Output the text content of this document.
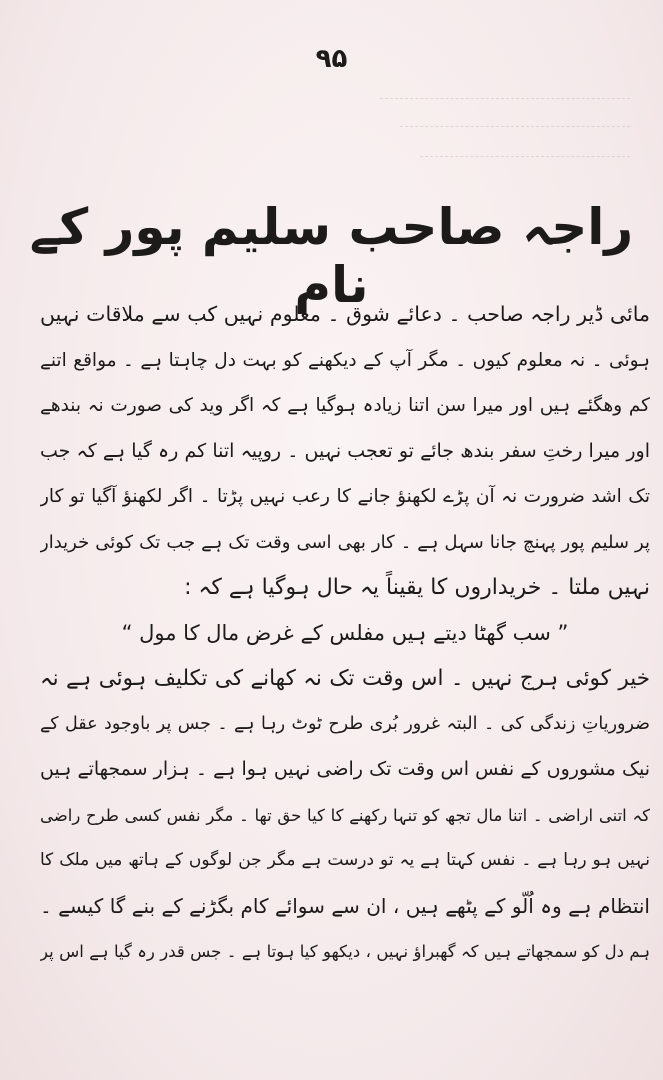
۹۵
راجہ صاحب سلیم پور کے نام
مائی ڈیر راجہ صاحب ۔ دعائے شوق ۔ معلوم نہیں کب سے ملاقات نہیں
ہوئی ۔ نہ معلوم کیوں ۔ مگر آپ کے دیکھنے کو بہت دل چاہتا ہے ۔ مواقع اتنے
کم وھگئے ہیں اور میرا سن اتنا زیادہ ہوگیا ہے کہ اگر وید کی صورت نہ بندھے
اور میرا رختِ سفر بندھ جائے تو تعجب نہیں ۔ روپیہ اتنا کم رہ گیا ہے کہ جب
تک اشد ضرورت نہ آن پڑے لکھنؤ جانے کا رعب نہیں پڑتا ۔ اگر لکھنؤ آگیا تو کار
پر سلیم پور پہنچ جانا سہل ہے ۔ کار بھی اسی وقت تک ہے جب تک کوئی خریدار
نہیں ملتا ۔ خریداروں کا یقیناً یہ حال ہوگیا ہے کہ :
” سب گھٹا دیتے ہیں مفلس کے غرض مال کا مول “
خیر کوئی ہرج نہیں ۔ اس وقت تک نہ کھانے کی تکلیف ہوئی ہے نہ
ضروریاتِ زندگی کی ۔ البتہ غرور بُری طرح ٹوٹ رہا ہے ۔ جس پر باوجود عقل کے
نیک مشوروں کے نفس اس وقت تک راضی نہیں ہوا ہے ۔ ہزار سمجھاتے ہیں
کہ اتنی اراضی ۔ اتنا مال تجھ کو تنہا رکھنے کا کیا حق تھا ۔ مگر نفس کسی طرح راضی
نہیں ہو رہا ہے ۔ نفس کہتا ہے یہ تو درست ہے مگر جن لوگوں کے ہاتھ میں ملک کا
انتظام ہے وہ اُلّو کے پٹھے ہیں ، ان سے سوائے کام بگڑنے کے بنے گا کیسے ۔
ہم دل کو سمجھاتے ہیں کہ گھبراؤ نہیں ، دیکھو کیا ہوتا ہے ۔ جس قدر رہ گیا ہے اس پر
